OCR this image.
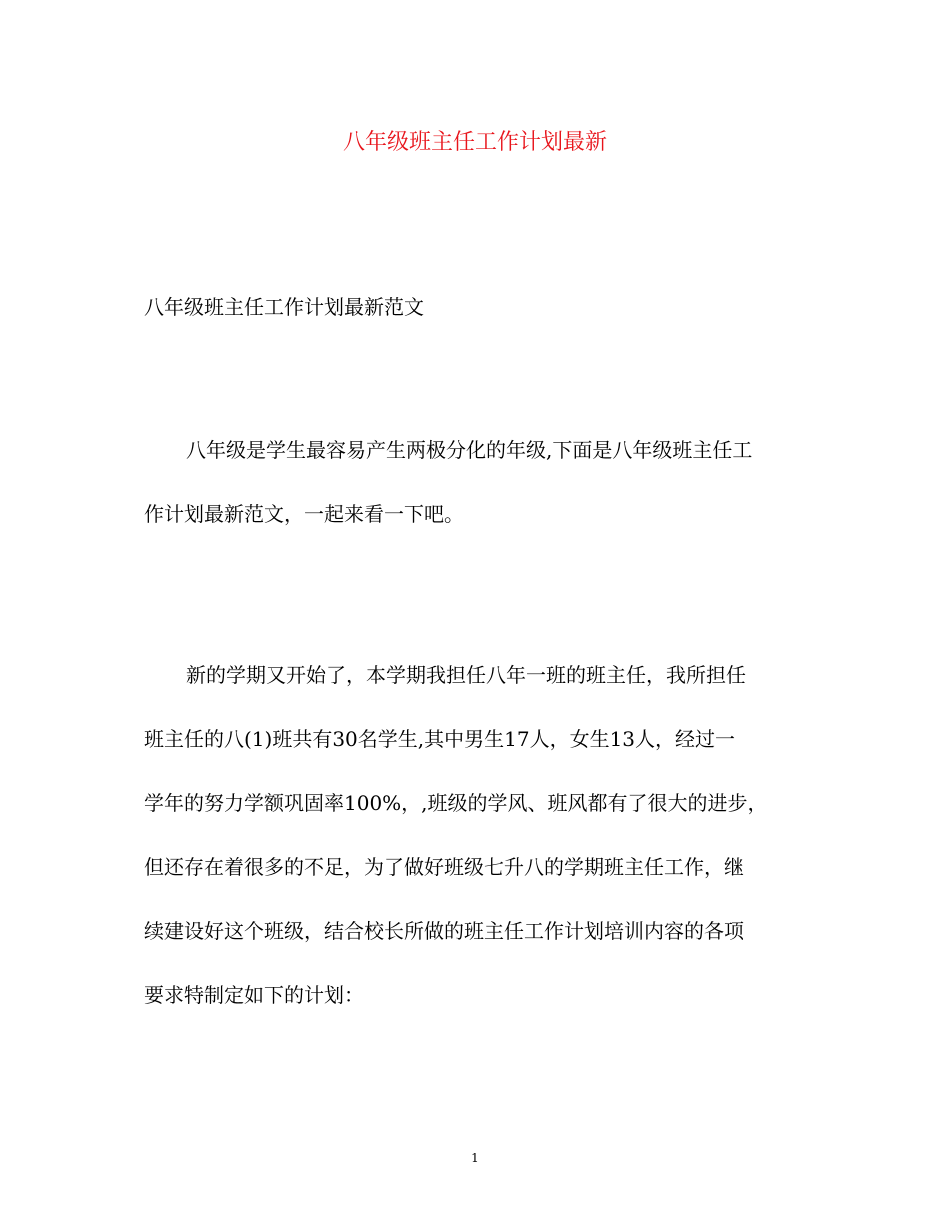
八年级班主任工作计划最新
八年级班主任工作计划最新范文

八年级是学生最容易产生两极分化的年级,下面是八年级班主任工
作计划最新范文，一起来看一下吧。

新的学期又开始了，本学期我担任八年一班的班主任，我所担任
班主任的八(1)班共有30名学生,其中男生17人，女生13人，经过一
学年的努力学额巩固率100%，,班级的学风、班风都有了很大的进步，
但还存在着很多的不足，为了做好班级七升八的学期班主任工作，继
续建设好这个班级，结合校长所做的班主任工作计划培训内容的各项
要求特制定如下的计划：

1
